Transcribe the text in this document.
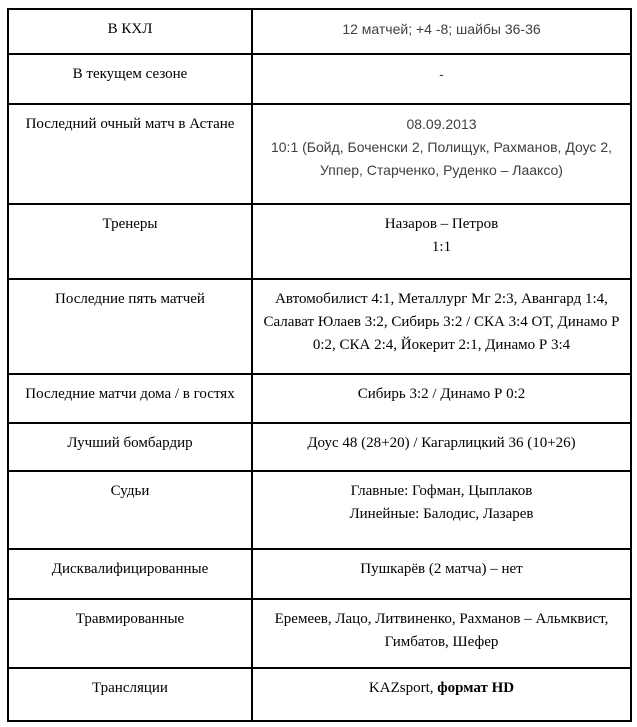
В КХЛ	12 матчей; +4 -8; шайбы 36-36

В текущем сезоне	-

Последний очный матч в Астане	08.09.2013
10:1 (Бойд, Боченски 2, Полищук, Рахманов, Доус 2, Уппер, Старченко, Руденко – Лааксо)

Тренеры	Назаров – Петров
1:1

Последние пять матчей	Автомобилист 4:1, Металлург Мг 2:3, Авангард 1:4, Салават Юлаев 3:2, Сибирь 3:2 / СКА 3:4 ОТ, Динамо Р 0:2, СКА 2:4, Йокерит 2:1, Динамо Р 3:4

Последние матчи дома / в гостях	Сибирь 3:2 / Динамо Р 0:2

Лучший бомбардир	Доус 48 (28+20) / Кагарлицкий 36 (10+26)

Судьи	Главные: Гофман, Цыплаков
Линейные: Балодис, Лазарев

Дисквалифицированные	Пушкарёв (2 матча) – нет

Травмированные	Еремеев, Лацо, Литвиненко, Рахманов – Альмквист, Гимбатов, Шефер

Трансляции	KAZsport, формат HD
